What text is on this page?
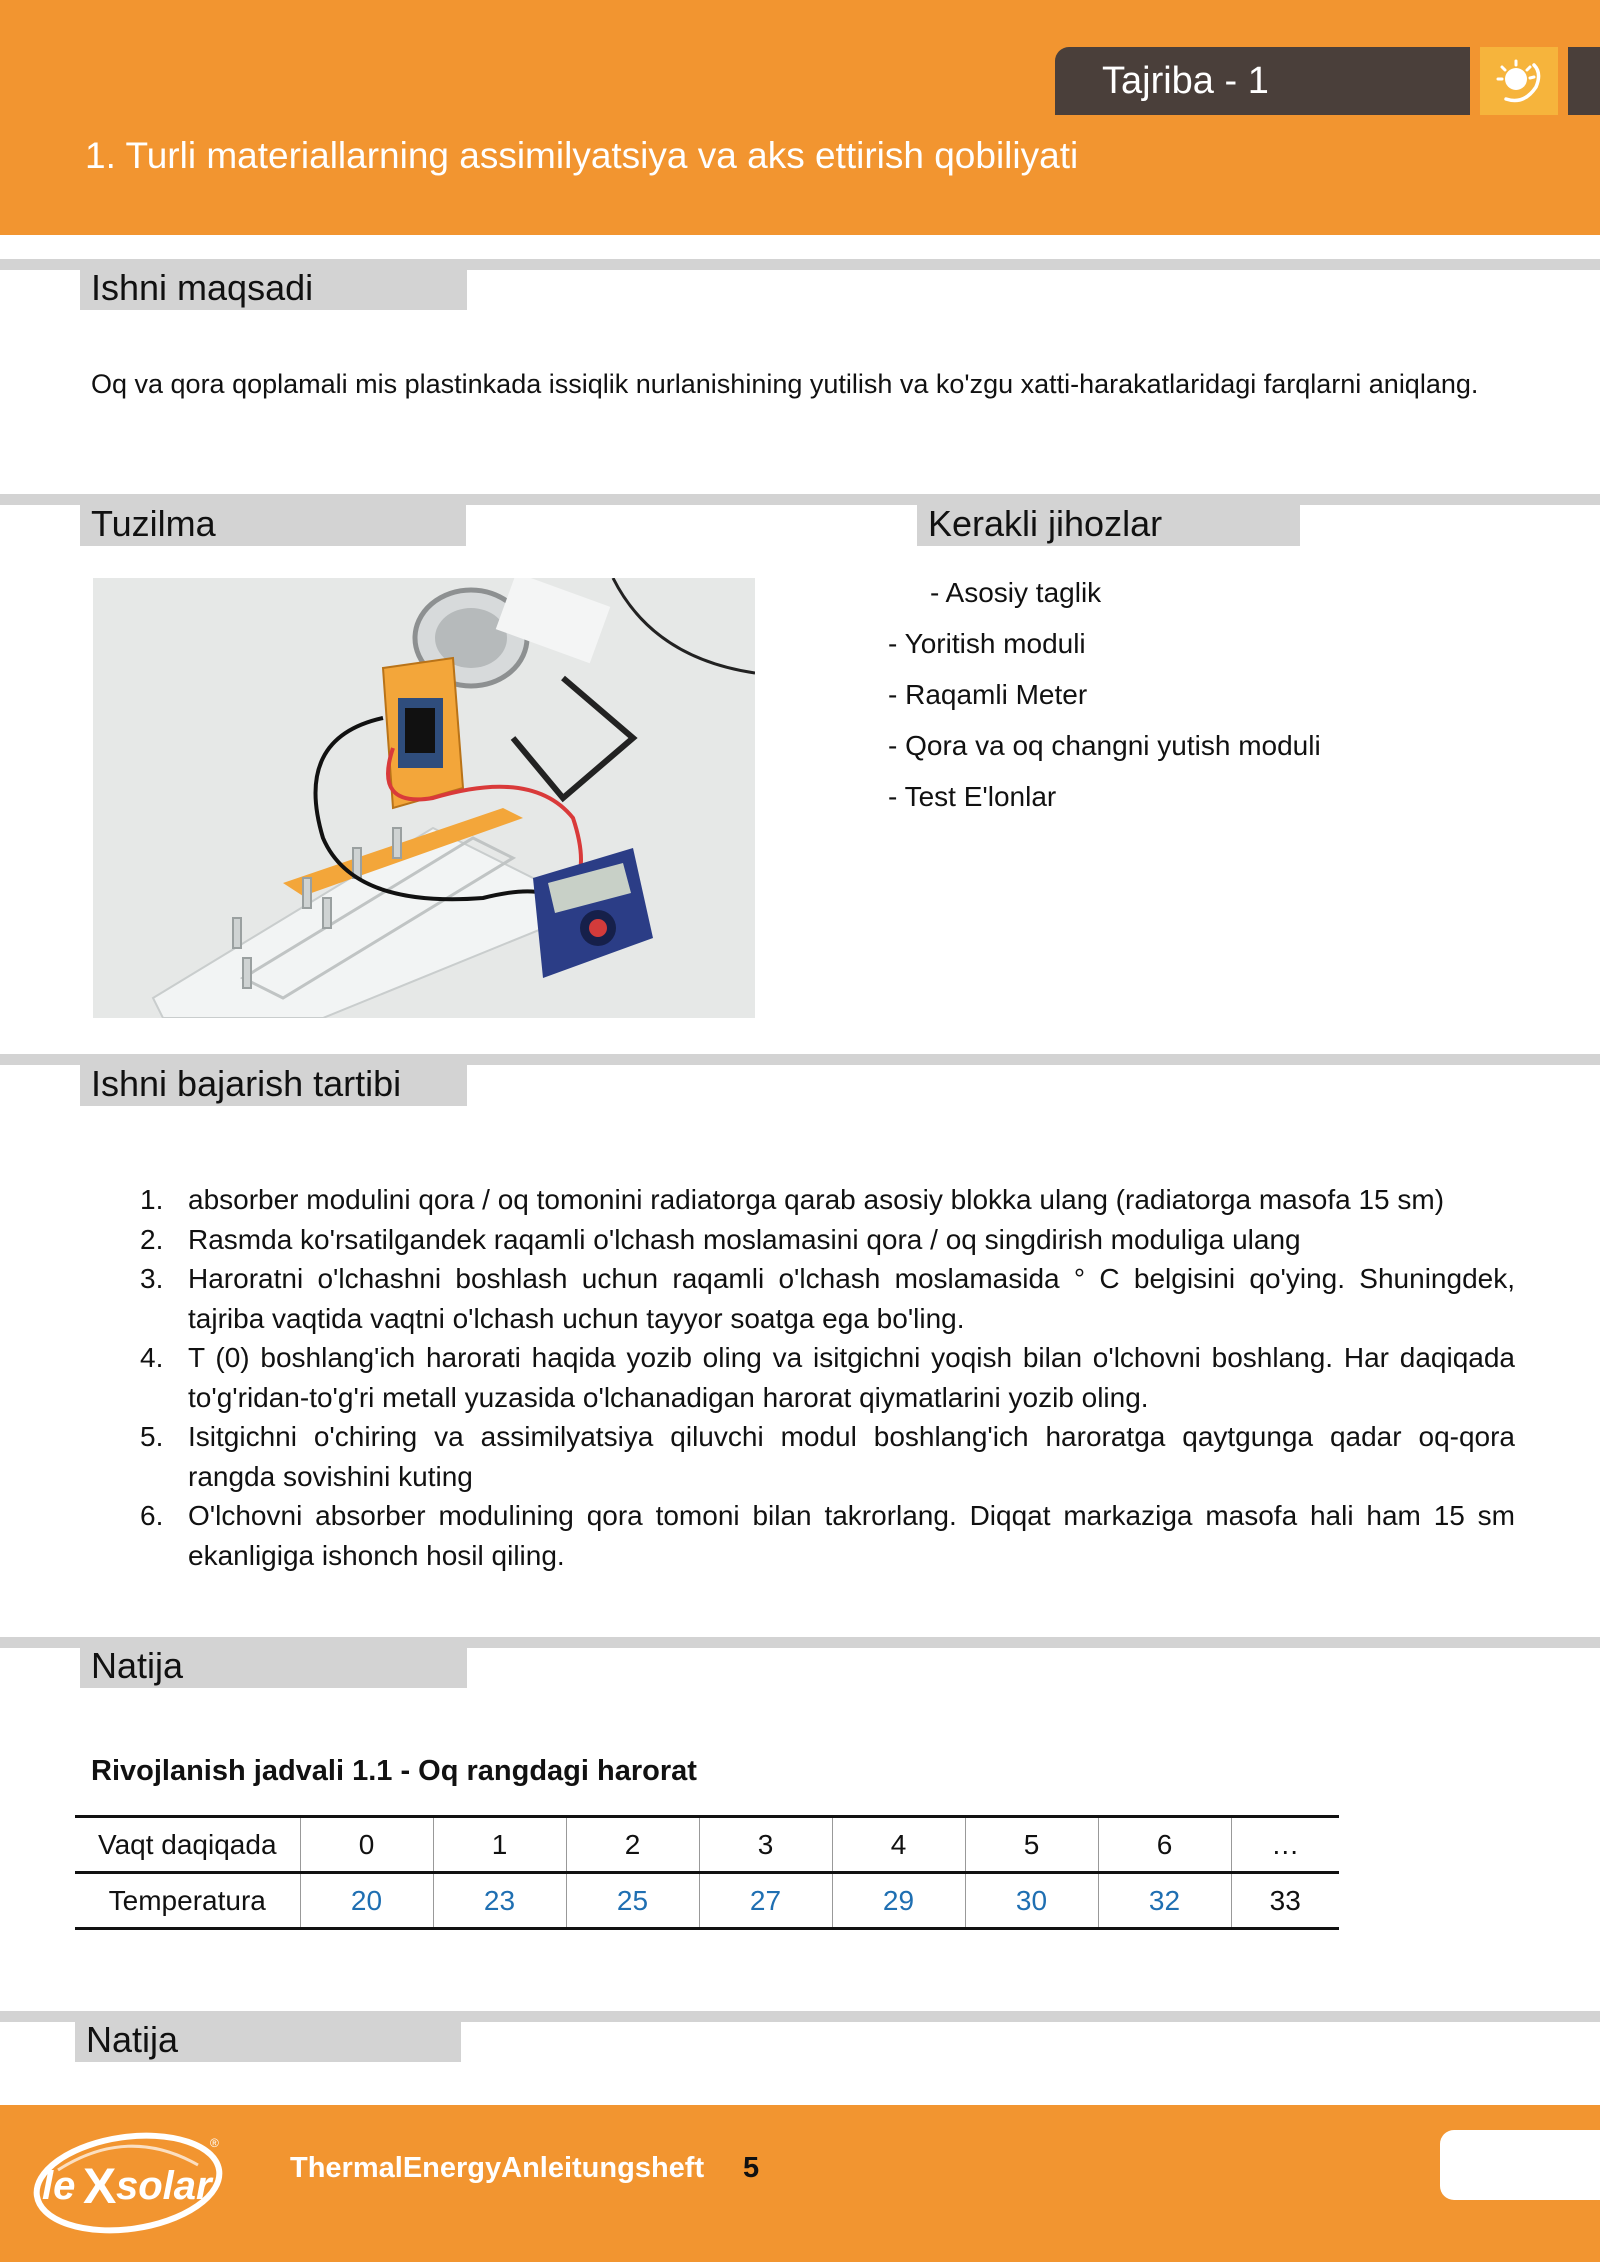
Tajriba - 1
1. Turli materiallarning assimilyatsiya va aks ettirish qobiliyati
Ishni maqsadi
Oq va qora qoplamali mis plastinkada issiqlik nurlanishining yutilish va ko'zgu xatti-harakatlaridagi farqlarni aniqlang.
Tuzilma	Kerakli jihozlar
- Asosiy taglik
- Yoritish moduli
- Raqamli Meter
- Qora va oq changni yutish moduli
- Test E'lonlar
Ishni bajarish tartibi
1. absorber modulini qora / oq tomonini radiatorga qarab asosiy blokka ulang (radiatorga masofa 15 sm)
2. Rasmda ko'rsatilgandek raqamli o'lchash moslamasini qora / oq singdirish moduliga ulang
3. Haroratni o'lchashni boshlash uchun raqamli o'lchash moslamasida ° C belgisini qo'ying. Shuningdek, tajriba vaqtida vaqtni o'lchash uchun tayyor soatga ega bo'ling.
4. T (0) boshlang'ich harorati haqida yozib oling va isitgichni yoqish bilan o'lchovni boshlang. Har daqiqada to'g'ridan-to'g'ri metall yuzasida o'lchanadigan harorat qiymatlarini yozib oling.
5. Isitgichni o'chiring va assimilyatsiya qiluvchi modul boshlang'ich haroratga qaytgunga qadar oq-qora rangda sovishini kuting
6. O'lchovni absorber modulining qora tomoni bilan takrorlang. Diqqat markaziga masofa hali ham 15 sm ekanligiga ishonch hosil qiling.
Natija
Rivojlanish jadvali 1.1 - Oq rangdagi harorat
Vaqt daqiqada	0	1	2	3	4	5	6	…
Temperatura	20	23	25	27	29	30	32	33
Natija
le X solar
®
ThermalEnergyAnleitungsheft 5
